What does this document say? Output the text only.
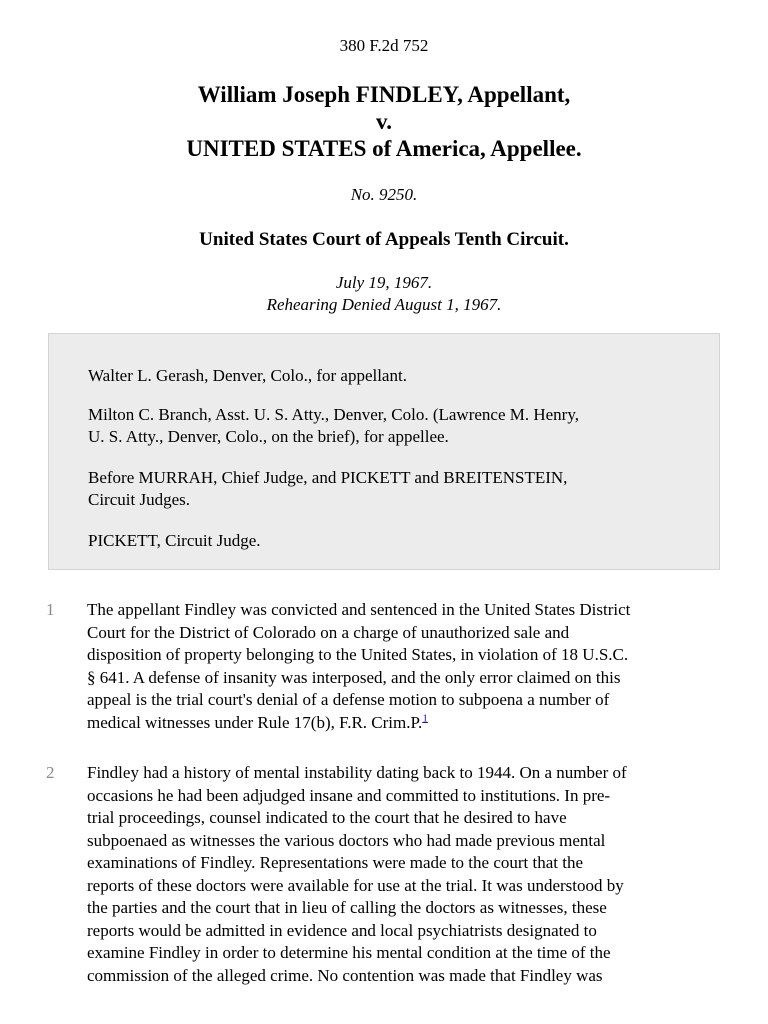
380 F.2d 752
William Joseph FINDLEY, Appellant,
v.
UNITED STATES of America, Appellee.
No. 9250.
United States Court of Appeals Tenth Circuit.
July 19, 1967.
Rehearing Denied August 1, 1967.

Walter L. Gerash, Denver, Colo., for appellant.

Milton C. Branch, Asst. U. S. Atty., Denver, Colo. (Lawrence M. Henry,
U. S. Atty., Denver, Colo., on the brief), for appellee.

Before MURRAH, Chief Judge, and PICKETT and BREITENSTEIN,
Circuit Judges.

PICKETT, Circuit Judge.

1 The appellant Findley was convicted and sentenced in the United States District
Court for the District of Colorado on a charge of unauthorized sale and
disposition of property belonging to the United States, in violation of 18 U.S.C.
§ 641. A defense of insanity was interposed, and the only error claimed on this
appeal is the trial court's denial of a defense motion to subpoena a number of
medical witnesses under Rule 17(b), F.R. Crim.P.$^1$
2 Findley had a history of mental instability dating back to 1944. On a number of
occasions he had been adjudged insane and committed to institutions. In pre-
trial proceedings, counsel indicated to the court that he desired to have
subpoenaed as witnesses the various doctors who had made previous mental
examinations of Findley. Representations were made to the court that the
reports of these doctors were available for use at the trial. It was understood by
the parties and the court that in lieu of calling the doctors as witnesses, these
reports would be admitted in evidence and local psychiatrists designated to
examine Findley in order to determine his mental condition at the time of the
commission of the alleged crime. No contention was made that Findley was
